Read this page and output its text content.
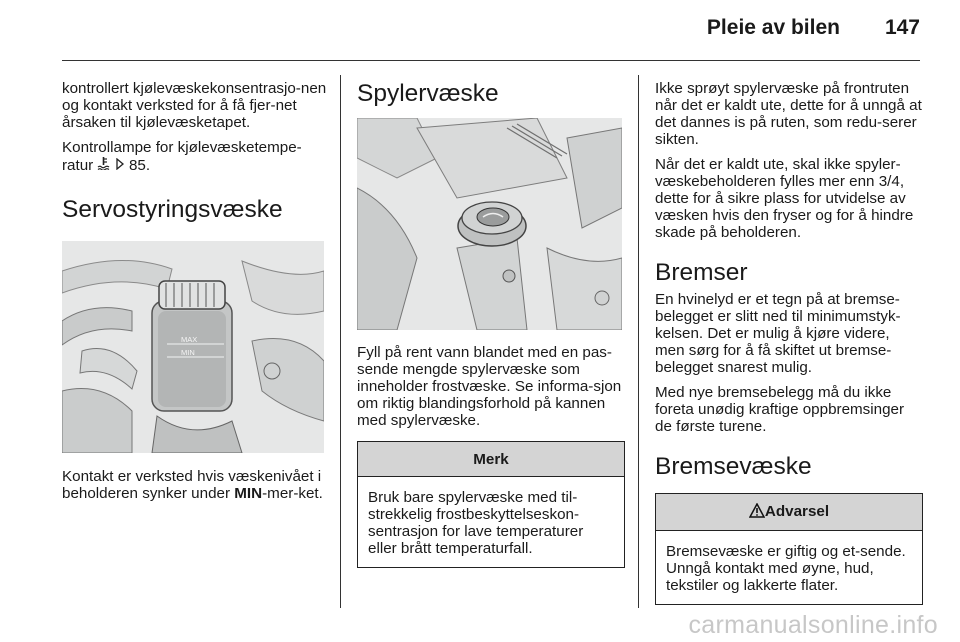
Pleie av bilen 147

kontrollert kjølevæskekonsentrasjo-nen og kontakt verksted for å få fjer-net årsaken til kjølevæsketapet.

Kontrollampe for kjølevæsketempe-ratur 85.

Servostyringsvæske
MAX
MIN

Kontakt er verksted hvis væskenivået i beholderen synker under MIN-mer-ket.

Spylervæske

Fyll på rent vann blandet med en pas-sende mengde spylervæske som inneholder frostvæske. Se informa-sjon om riktig blandingsforhold på kannen med spylervæske.

Merk
Bruk bare spylervæske med til-strekkelig frostbeskyttelseskon-sentrasjon for lave temperaturer eller brått temperaturfall.

Ikke sprøyt spylervæske på frontruten når det er kaldt ute, dette for å unngå at det dannes is på ruten, som redu-serer sikten.

Når det er kaldt ute, skal ikke spyler-væskebeholderen fylles mer enn 3/4, dette for å sikre plass for utvidelse av væsken hvis den fryser og for å hindre skade på beholderen.

Bremser

En hvinelyd er et tegn på at bremse-belegget er slitt ned til minimumstyk-kelsen. Det er mulig å kjøre videre, men sørg for å få skiftet ut bremse-belegget snarest mulig.

Med nye bremsebelegg må du ikke foreta unødig kraftige oppbremsinger de første turene.

Bremsevæske
Advarsel
Bremsevæske er giftig og et-sende. Unngå kontakt med øyne, hud, tekstiler og lakkerte flater.
carmanualsonline.info
